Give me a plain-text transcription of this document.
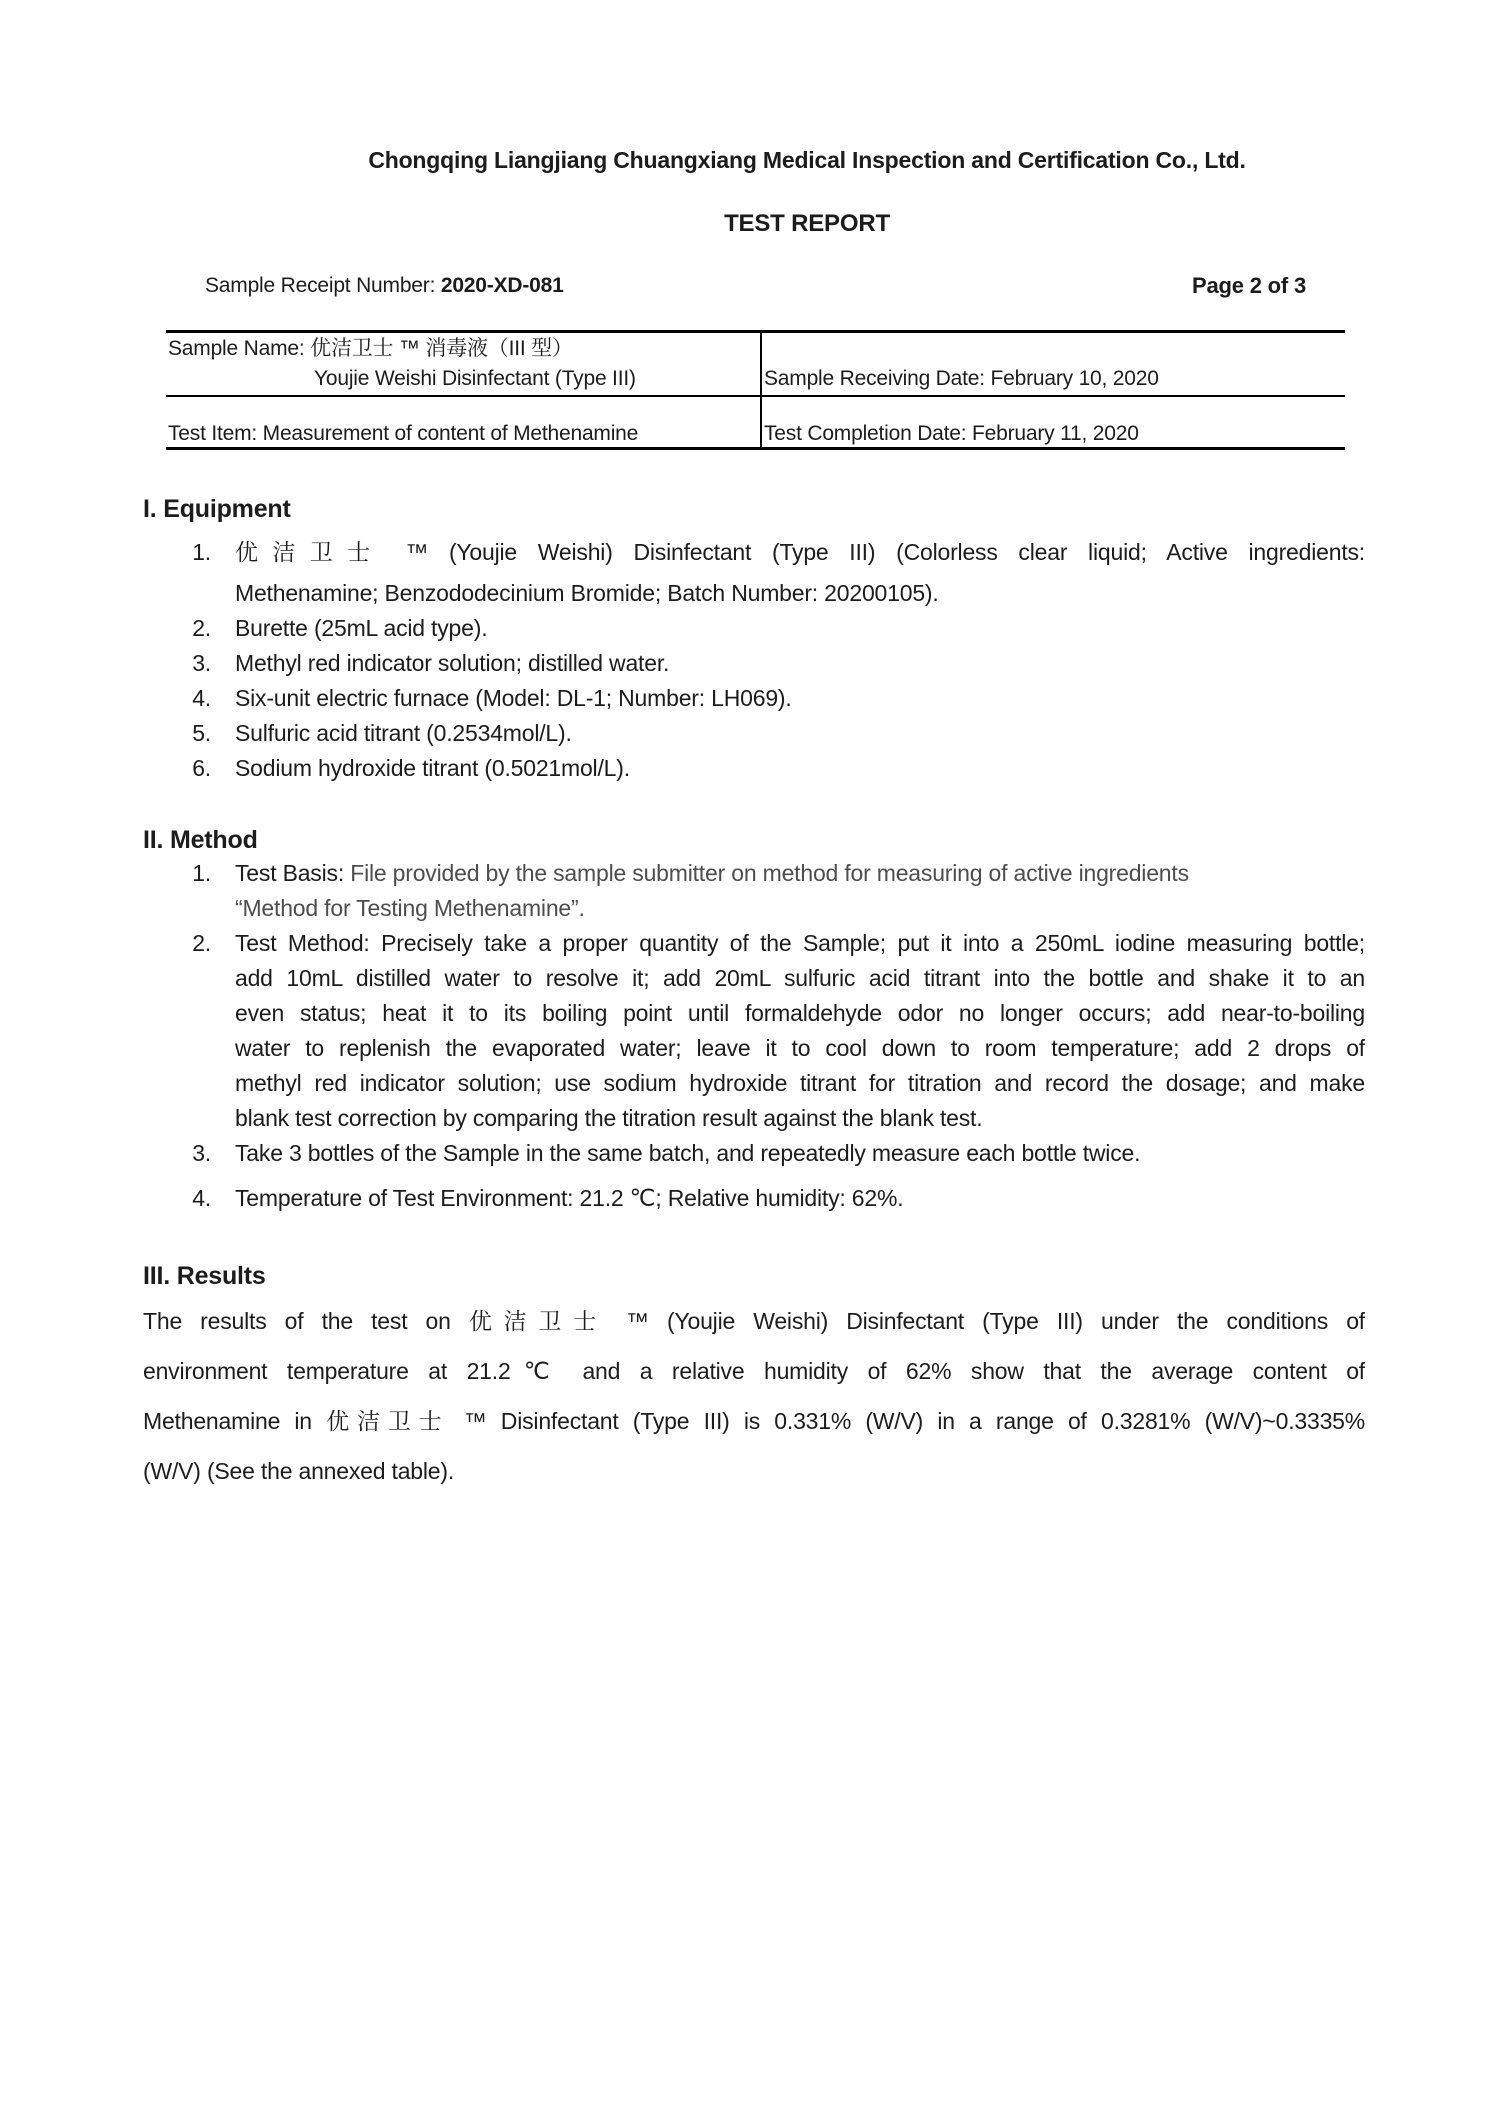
Chongqing Liangjiang Chuangxiang Medical Inspection and Certification Co., Ltd.
TEST REPORT
Sample Receipt Number: 2020-XD-081	Page 2 of 3
Sample Name: 优洁卫士 ™ 消毒液（III 型）
Youjie Weishi Disinfectant (Type III)	Sample Receiving Date: February 10, 2020
Test Item: Measurement of content of Methenamine	Test Completion Date: February 11, 2020
I. Equipment
1.	优洁卫士 ™ (Youjie Weishi) Disinfectant (Type III) (Colorless clear liquid; Active ingredients:
Methenamine; Benzododecinium Bromide; Batch Number: 20200105).
2.	Burette (25mL acid type).
3.	Methyl red indicator solution; distilled water.
4.	Six-unit electric furnace (Model: DL-1; Number: LH069).
5.	Sulfuric acid titrant (0.2534mol/L).
6.	Sodium hydroxide titrant (0.5021mol/L).
II. Method
1.	Test Basis: File provided by the sample submitter on method for measuring of active ingredients
“Method for Testing Methenamine”.
2.	Test Method: Precisely take a proper quantity of the Sample; put it into a 250mL iodine measuring bottle;
add 10mL distilled water to resolve it; add 20mL sulfuric acid titrant into the bottle and shake it to an
even status; heat it to its boiling point until formaldehyde odor no longer occurs; add near-to-boiling
water to replenish the evaporated water; leave it to cool down to room temperature; add 2 drops of
methyl red indicator solution; use sodium hydroxide titrant for titration and record the dosage; and make
blank test correction by comparing the titration result against the blank test.
3.	Take 3 bottles of the Sample in the same batch, and repeatedly measure each bottle twice.
4.	Temperature of Test Environment: 21.2 ℃; Relative humidity: 62%.
III. Results
The results of the test on 优洁卫士 ™ (Youjie Weishi) Disinfectant (Type III) under the conditions of
environment temperature at 21.2℃ and a relative humidity of 62% show that the average content of
Methenamine in 优洁卫士 ™ Disinfectant (Type III) is 0.331% (W/V) in a range of 0.3281% (W/V)~0.3335%
(W/V) (See the annexed table).
